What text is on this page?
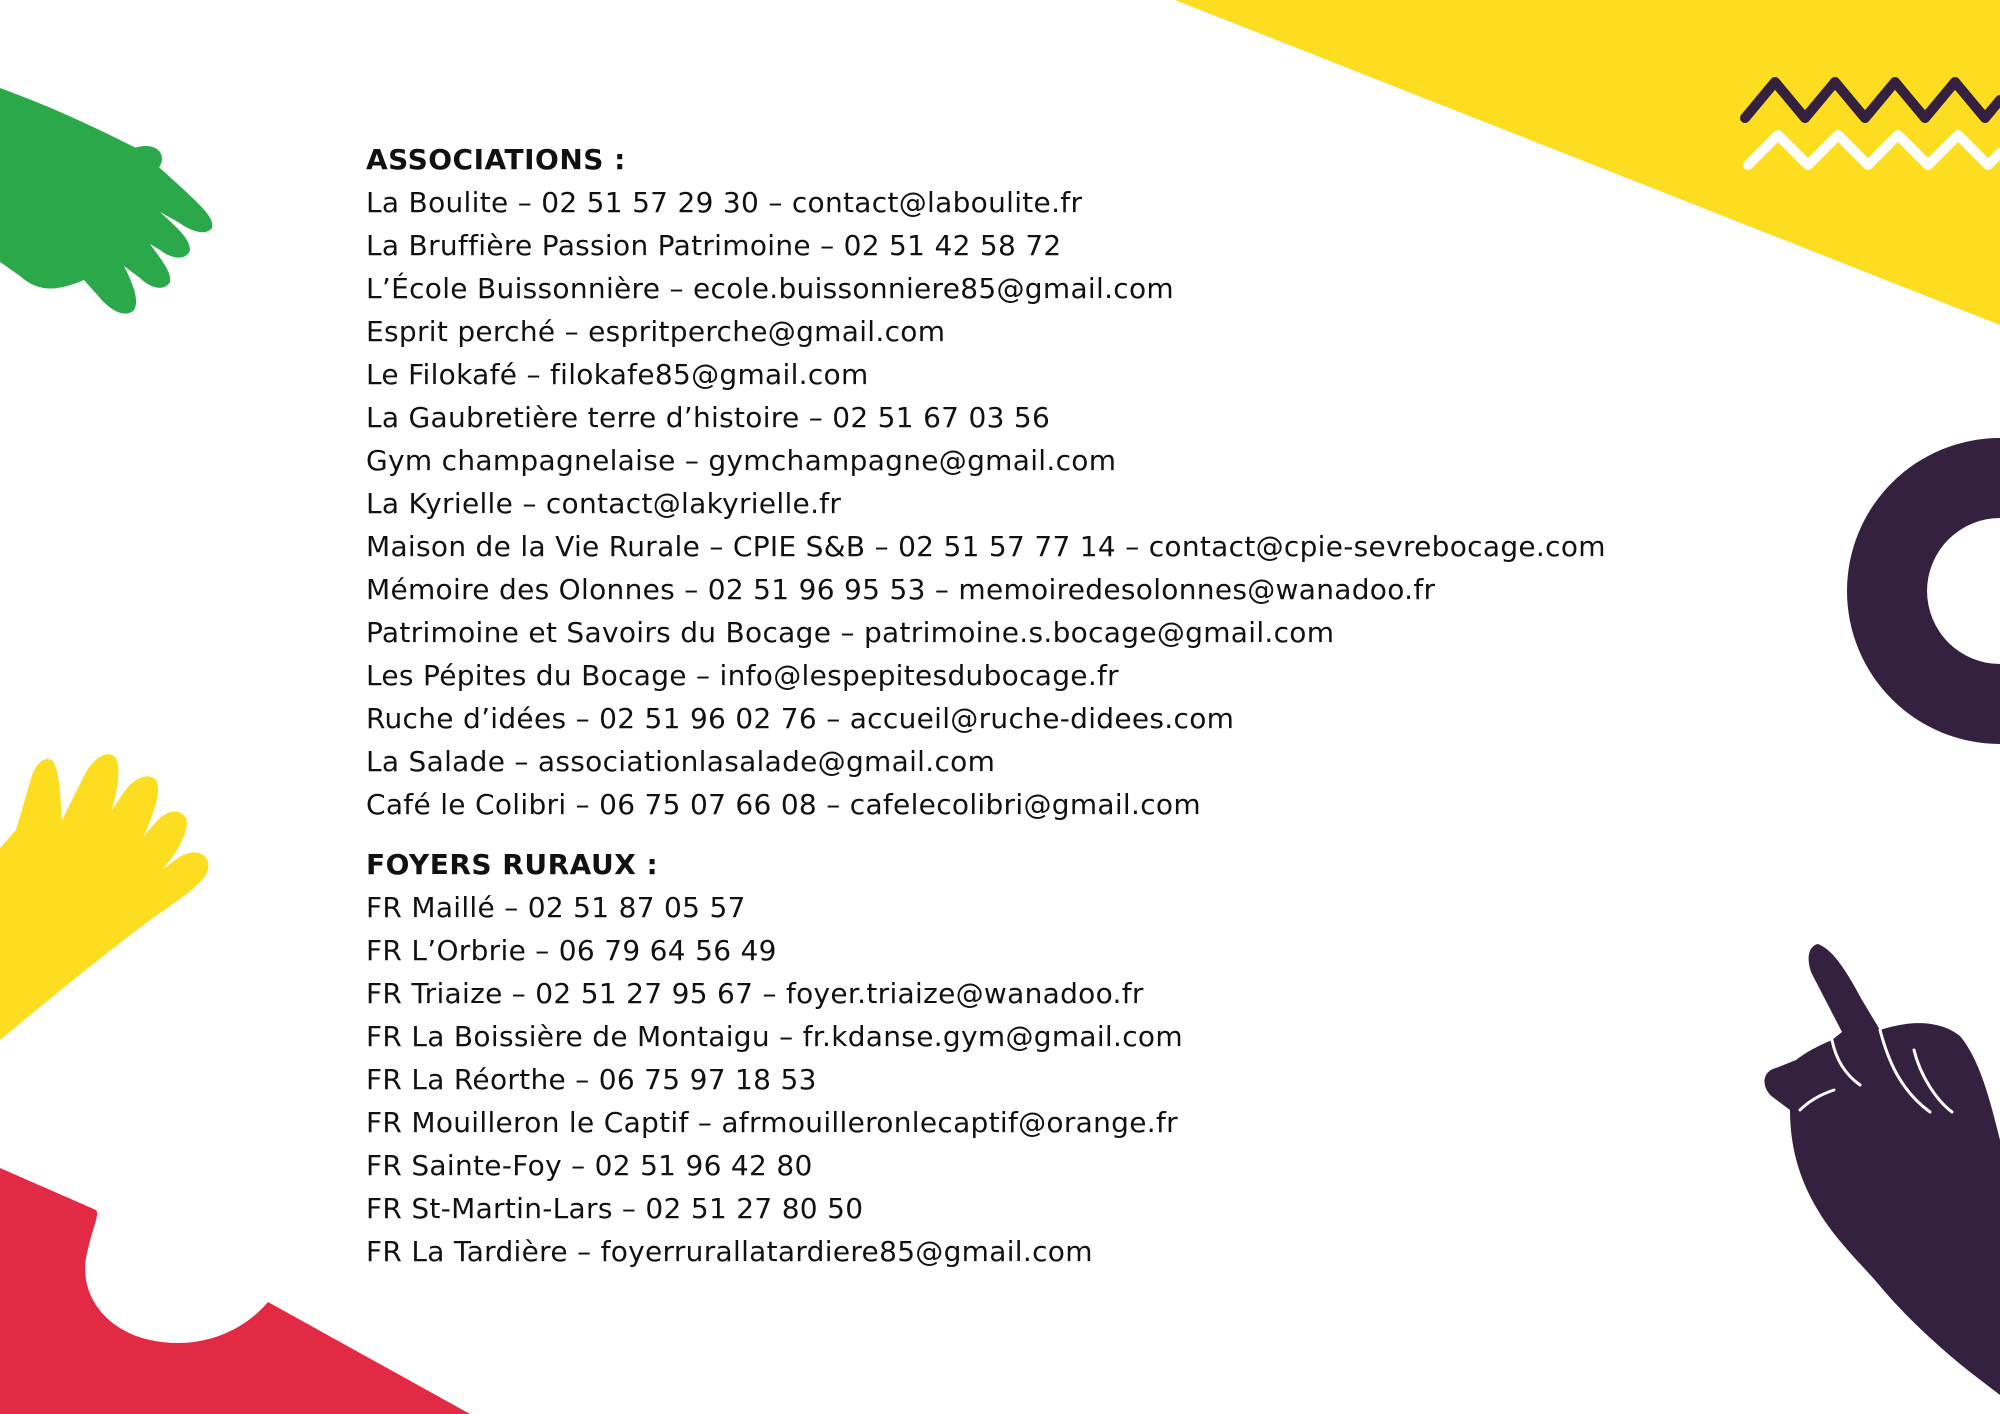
ASSOCIATIONS :

La Boulite – 02 51 57 29 30 – contact@laboulite.fr

La Bruffière Passion Patrimoine – 02 51 42 58 72

L’École Buissonnière – ecole.buissonniere85@gmail.com

Esprit perché – espritperche@gmail.com

Le Filokafé – filokafe85@gmail.com

La Gaubretière terre d’histoire – 02 51 67 03 56

Gym champagnelaise – gymchampagne@gmail.com

La Kyrielle – contact@lakyrielle.fr

Maison de la Vie Rurale – CPIE S&B – 02 51 57 77 14 – contact@cpie-sevrebocage.com

Mémoire des Olonnes – 02 51 96 95 53 – memoiredesolonnes@wanadoo.fr

Patrimoine et Savoirs du Bocage – patrimoine.s.bocage@gmail.com

Les Pépites du Bocage – info@lespepitesdubocage.fr

Ruche d’idées – 02 51 96 02 76 – accueil@ruche-didees.com

La Salade – associationlasalade@gmail.com

Café le Colibri – 06 75 07 66 08 – cafelecolibri@gmail.com

FOYERS RURAUX :

FR Maillé – 02 51 87 05 57

FR L’Orbrie – 06 79 64 56 49

FR Triaize – 02 51 27 95 67 – foyer.triaize@wanadoo.fr

FR La Boissière de Montaigu – fr.kdanse.gym@gmail.com

FR La Réorthe – 06 75 97 18 53

FR Mouilleron le Captif – afrmouilleronlecaptif@orange.fr

FR Sainte-Foy – 02 51 96 42 80

FR St-Martin-Lars – 02 51 27 80 50

FR La Tardière – foyerrurallatardiere85@gmail.com
